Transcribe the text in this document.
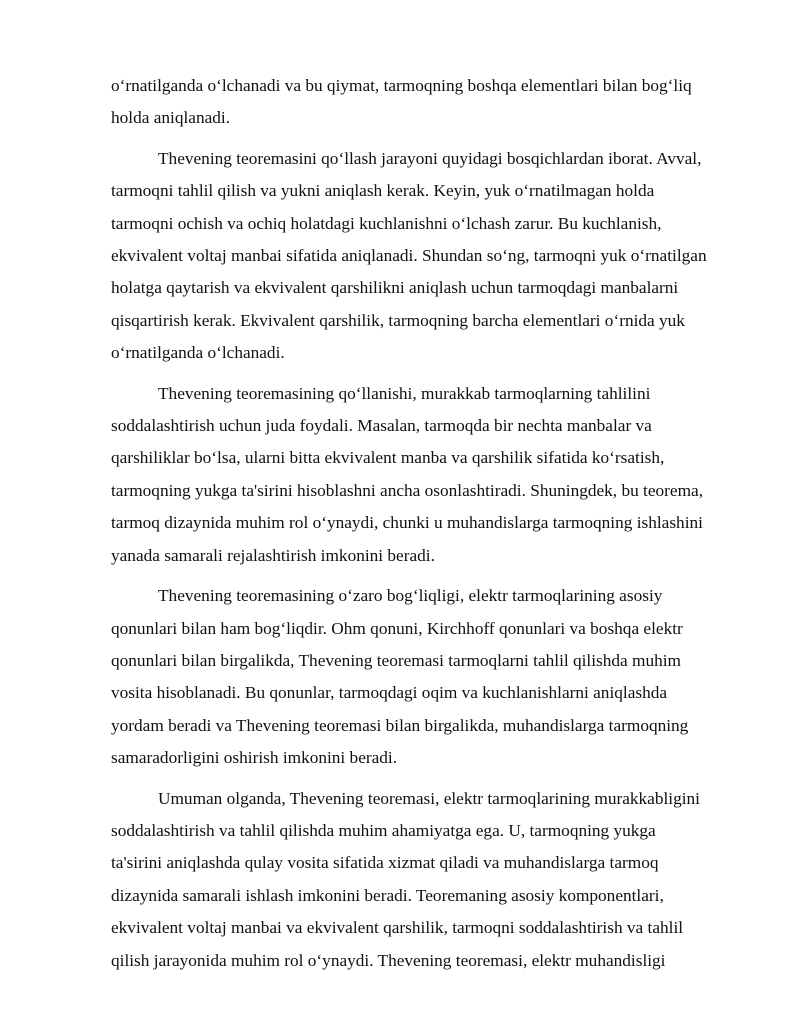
oʻrnatilganda oʻlchanadi va bu qiymat, tarmoqning boshqa elementlari bilan bogʻliq
holda aniqlanadi.

Thevening teoremasini qoʻllash jarayoni quyidagi bosqichlardan iborat. Avval,
tarmoqni tahlil qilish va yukni aniqlash kerak. Keyin, yuk oʻrnatilmagan holda
tarmoqni ochish va ochiq holatdagi kuchlanishni oʻlchash zarur. Bu kuchlanish,
ekvivalent voltaj manbai sifatida aniqlanadi. Shundan soʻng, tarmoqni yuk oʻrnatilgan
holatga qaytarish va ekvivalent qarshilikni aniqlash uchun tarmoqdagi manbalarni
qisqartirish kerak. Ekvivalent qarshilik, tarmoqning barcha elementlari oʻrnida yuk
oʻrnatilganda oʻlchanadi.

Thevening teoremasining qoʻllanishi, murakkab tarmoqlarning tahlilini
soddalashtirish uchun juda foydali. Masalan, tarmoqda bir nechta manbalar va
qarshiliklar boʻlsa, ularni bitta ekvivalent manba va qarshilik sifatida koʻrsatish,
tarmoqning yukga ta'sirini hisoblashni ancha osonlashtiradi. Shuningdek, bu teorema,
tarmoq dizaynida muhim rol oʻynaydi, chunki u muhandislarga tarmoqning ishlashini
yanada samarali rejalashtirish imkonini beradi.

Thevening teoremasining oʻzaro bogʻliqligi, elektr tarmoqlarining asosiy
qonunlari bilan ham bogʻliqdir. Ohm qonuni, Kirchhoff qonunlari va boshqa elektr
qonunlari bilan birgalikda, Thevening teoremasi tarmoqlarni tahlil qilishda muhim
vosita hisoblanadi. Bu qonunlar, tarmoqdagi oqim va kuchlanishlarni aniqlashda
yordam beradi va Thevening teoremasi bilan birgalikda, muhandislarga tarmoqning
samaradorligini oshirish imkonini beradi.

Umuman olganda, Thevening teoremasi, elektr tarmoqlarining murakkabligini
soddalashtirish va tahlil qilishda muhim ahamiyatga ega. U, tarmoqning yukga
ta'sirini aniqlashda qulay vosita sifatida xizmat qiladi va muhandislarga tarmoq
dizaynida samarali ishlash imkonini beradi. Teoremaning asosiy komponentlari,
ekvivalent voltaj manbai va ekvivalent qarshilik, tarmoqni soddalashtirish va tahlil
qilish jarayonida muhim rol oʻynaydi. Thevening teoremasi, elektr muhandisligi
